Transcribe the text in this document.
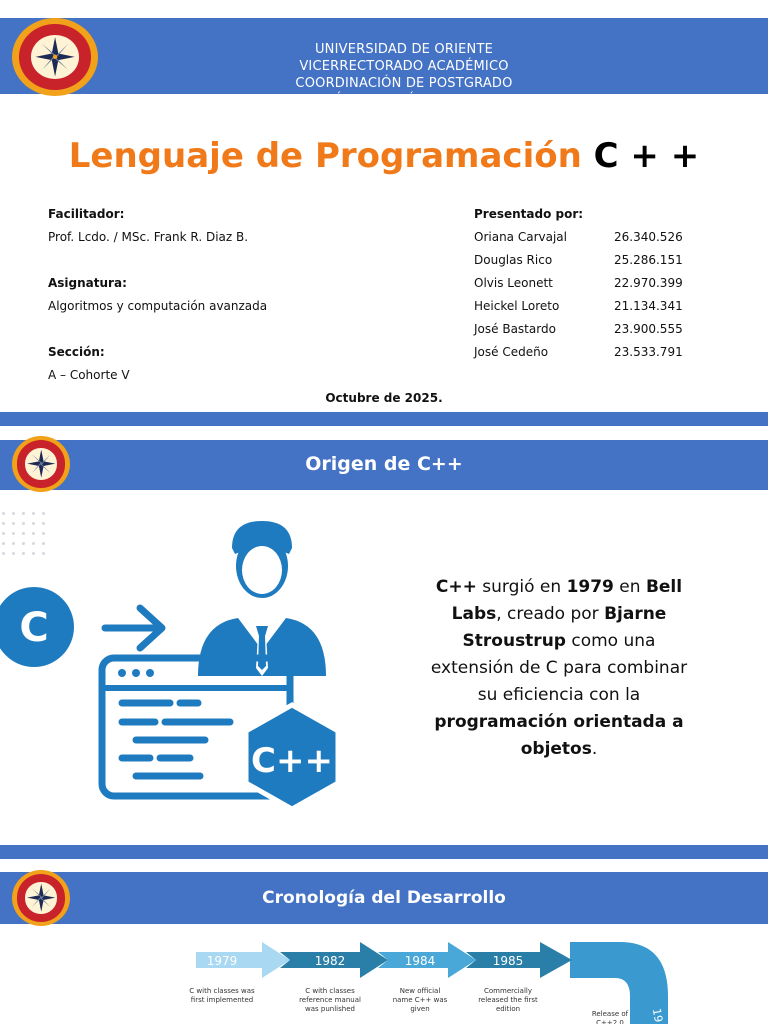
UNIVERSIDAD DE ORIENTE
VICERRECTORADO ACADÉMICO
COORDINACIÓN DE POSTGRADO
MAESTRÍA INFORMÁTICA GERENCIAL
Lenguaje de Programación C + +
Facilitador:
Prof. Lcdo. / MSc. Frank R. Diaz B.
Asignatura:
Algoritmos y computación avanzada
Sección:
A – Cohorte V
Presentado por:
Oriana Carvajal	26.340.526
Douglas Rico	25.286.151
Olvis Leonett	22.970.399
Heickel Loreto	21.134.341
José Bastardo	23.900.555
José Cedeño	23.533.791
Octubre de 2025.
Origen de C++
C
C++
C++ surgió en 1979 en Bell Labs, creado por Bjarne Stroustrup como una extensión de C para combinar su eficiencia con la programación orientada a objetos.
Cronología del Desarrollo
1979	1982	1984	1985
19
C with classes was
first implemented
C with classes
reference manual
was punlished
New official
name C++ was
given
Commercially
released the first
edition
Release of
C++2.0
